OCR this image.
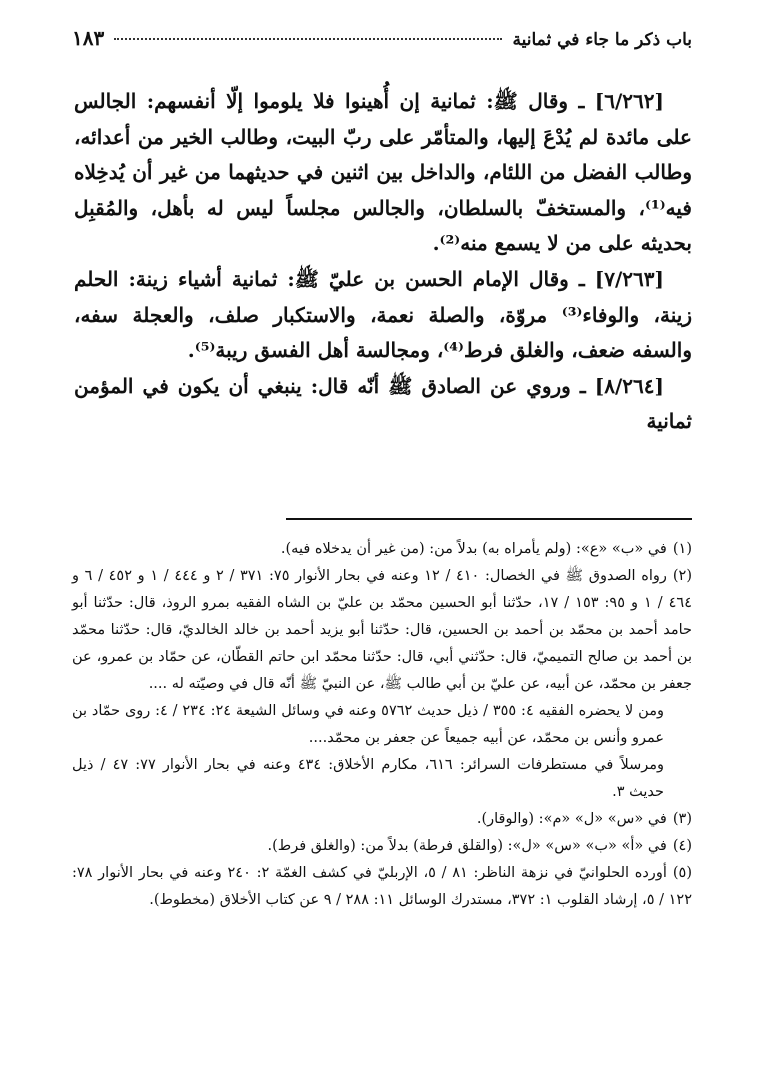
باب ذكر ما جاء في ثمانية
١٨٣

[٦/٢٦٢] ـ وقال ﷺ: ثمانية إن أُهينوا فلا يلوموا إلّا أنفسهم: الجالس على مائدة لم يُدْعَ إليها، والمتأمّر على ربّ البيت، وطالب الخير من أعدائه، وطالب الفضل من اللئام، والداخل بين اثنين في حديثهما من غير أن يُدخِلاه فيه⁽¹⁾، والمستخفّ بالسلطان، والجالس مجلساً ليس له بأهل، والمُقبِل بحديثه على من لا يسمع منه⁽²⁾.

[٧/٢٦٣] ـ وقال الإمام الحسن بن عليّ ﷺ: ثمانية أشياء زينة: الحلم زينة، والوفاء⁽³⁾ مروّة، والصلة نعمة، والاستكبار صلف، والعجلة سفه، والسفه ضعف، والغلق فرط⁽⁴⁾، ومجالسة أهل الفسق ريبة⁽⁵⁾.

[٨/٢٦٤] ـ وروي عن الصادق ﷺ أنّه قال: ينبغي أن يكون في المؤمن ثمانية

(١)في «ب» «ع»: (ولم يأمراه به) بدلاً من: (من غير أن يدخلاه فيه).

(٢)رواه الصدوق ﷺ في الخصال: ٤١٠ / ١٢ وعنه في بحار الأنوار ٧٥: ٣٧١ / ٢ و ٤٤٤ / ١ و ٤٥٢ / ٦ و ٤٦٤ / ١ و ٩٥: ١٥٣ / ١٧، حدّثنا أبو الحسين محمّد بن عليّ بن الشاه الفقيه بمرو الروذ، قال: حدّثنا أبو حامد أحمد بن محمّد بن أحمد بن الحسين، قال: حدّثنا أبو يزيد أحمد بن خالد الخالديّ، قال: حدّثنا محمّد بن أحمد بن صالح التميميّ، قال: حدّثني أبي، قال: حدّثنا محمّد ابن حاتم القطّان، عن حمّاد بن عمرو، عن جعفر بن محمّد، عن أبيه، عن عليّ بن أبي طالب ﷺ، عن النبيّ ﷺ أنّه قال في وصيّته له ....

ومن لا يحضره الفقيه ٤: ٣٥٥ / ذيل حديث ٥٧٦٢ وعنه في وسائل الشيعة ٢٤: ٢٣٤ / ٤: روى حمّاد بن عمرو وأنس بن محمّد، عن أبيه جميعاً عن جعفر بن محمّد....

ومرسلاً في مستطرفات السرائر: ٦١٦، مكارم الأخلاق: ٤٣٤ وعنه في بحار الأنوار ٧٧: ٤٧ / ذيل حديث ٣.

(٣)في «س» «ل» «م»: (والوقار).

(٤)في «أ» «ب» «س» «ل»: (والقلق فرطة) بدلاً من: (والغلق فرط).

(٥)أورده الحلوانيّ في نزهة الناظر: ٨١ / ٥، الإربليّ في كشف الغمّة ٢: ٢٤٠ وعنه في بحار الأنوار ٧٨: ١٢٢ / ٥، إرشاد القلوب ١: ٣٧٢، مستدرك الوسائل ١١: ٢٨٨ / ٩ عن كتاب الأخلاق (مخطوط).
